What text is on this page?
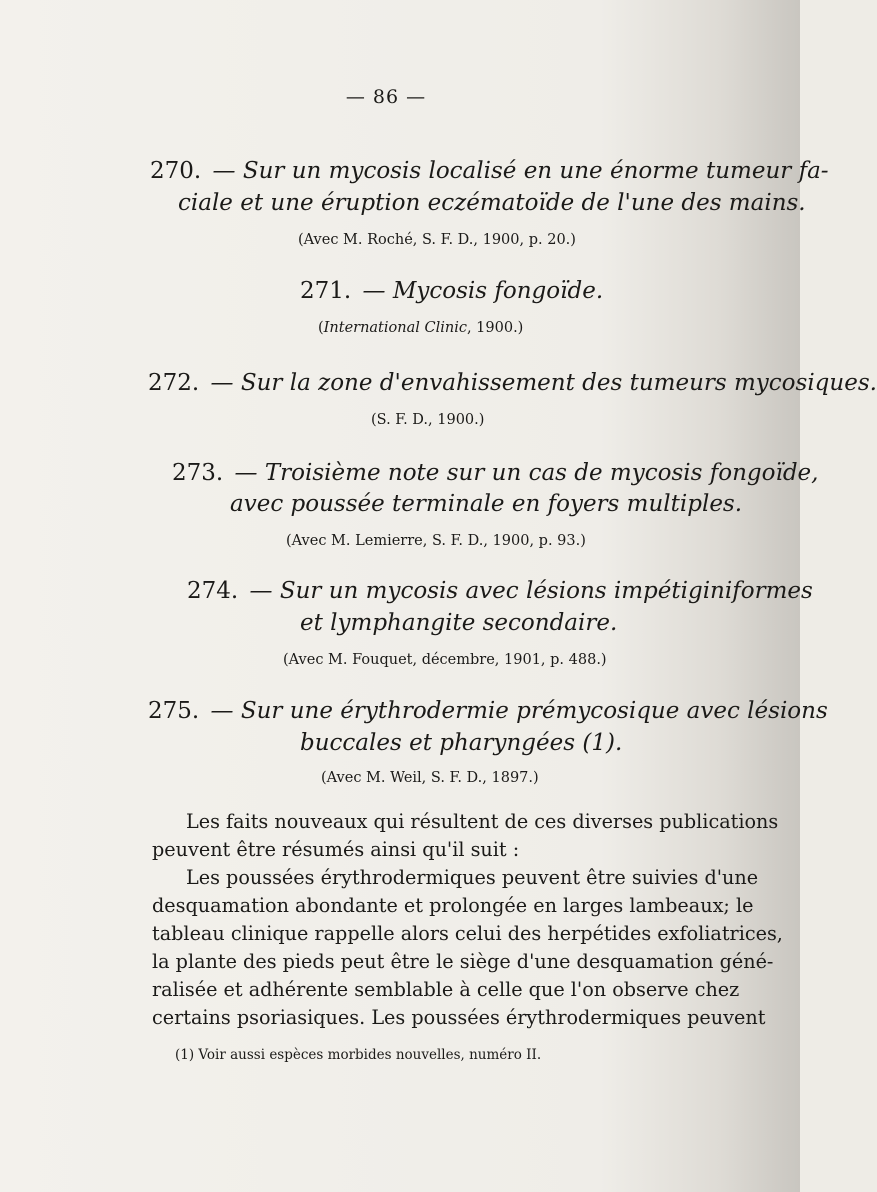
— 86 —
270. — Sur un mycosis localisé en une énorme tumeur fa-
ciale et une éruption eczématoïde de l'une des mains.
(Avec M. Roché, S. F. D., 1900, p. 20.)
271. — Mycosis fongoïde.
(International Clinic, 1900.)
272. — Sur la zone d'envahissement des tumeurs mycosiques.
(S. F. D., 1900.)
273. — Troisième note sur un cas de mycosis fongoïde,
avec poussée terminale en foyers multiples.
(Avec M. Lemierre, S. F. D., 1900, p. 93.)
274. — Sur un mycosis avec lésions impétiginiformes
et lymphangite secondaire.
(Avec M. Fouquet, décembre, 1901, p. 488.)
275. — Sur une érythrodermie prémycosique avec lésions
buccales et pharyngées (1).
(Avec M. Weil, S. F. D., 1897.)
Les faits nouveaux qui résultent de ces diverses publications
peuvent être résumés ainsi qu'il suit :
Les poussées érythrodermiques peuvent être suivies d'une
desquamation abondante et prolongée en larges lambeaux; le
tableau clinique rappelle alors celui des herpétides exfoliatrices,
la plante des pieds peut être le siège d'une desquamation géné-
ralisée et adhérente semblable à celle que l'on observe chez
certains psoriasiques. Les poussées érythrodermiques peuvent
(1) Voir aussi espèces morbides nouvelles, numéro II.
